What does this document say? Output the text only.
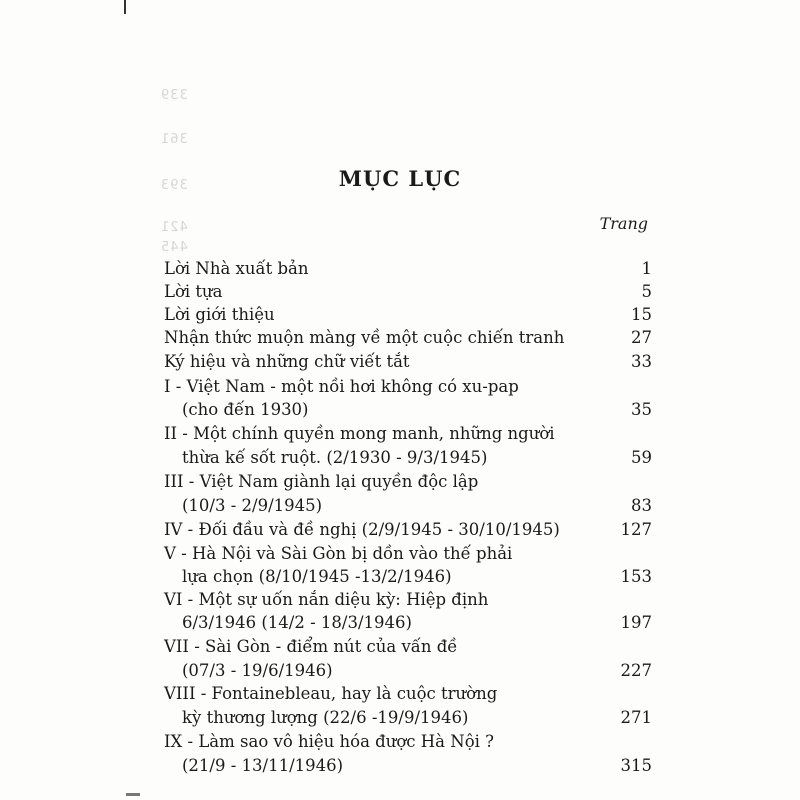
339
361
393
421
445
MỤC LỤC
Trang
Lời Nhà xuất bản	1
Lời tựa	5
Lời giới thiệu	15
Nhận thức muộn màng về một cuộc chiến tranh	27
Ký hiệu và những chữ viết tắt	33
I - Việt Nam - một nồi hơi không có xu-pap
(cho đến 1930)	35
II - Một chính quyền mong manh, những người
thừa kế sốt ruột. (2/1930 - 9/3/1945)	59
III - Việt Nam giành lại quyền độc lập
(10/3 - 2/9/1945)	83
IV - Đối đầu và đề nghị (2/9/1945 - 30/10/1945)	127
V - Hà Nội và Sài Gòn bị dồn vào thế phải
lựa chọn (8/10/1945 -13/2/1946)	153
VI - Một sự uốn nắn diệu kỳ: Hiệp định
6/3/1946 (14/2 - 18/3/1946)	197
VII - Sài Gòn - điểm nút của vấn đề
(07/3 - 19/6/1946)	227
VIII - Fontainebleau, hay là cuộc trường
kỳ thương lượng (22/6 -19/9/1946)	271
IX - Làm sao vô hiệu hóa được Hà Nội ?
(21/9 - 13/11/1946)	315
